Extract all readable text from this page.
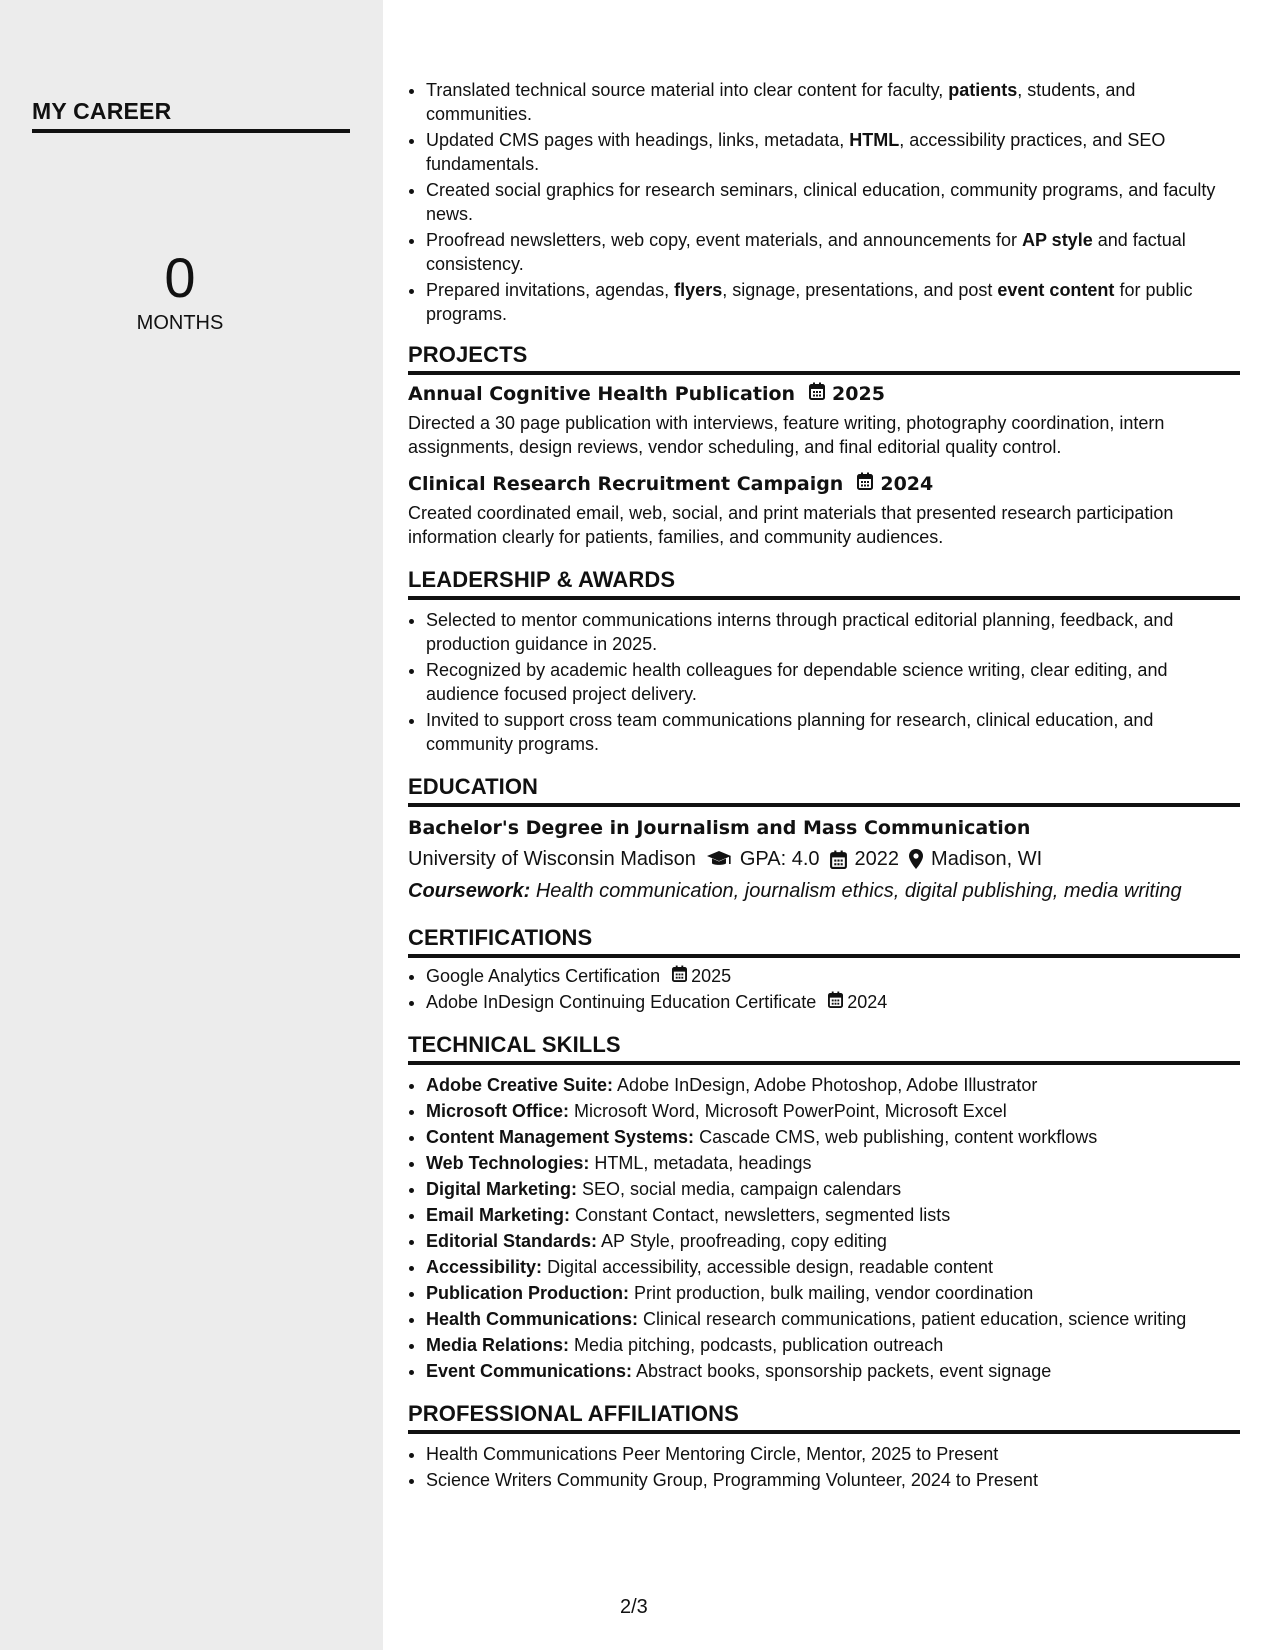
MY CAREER
0
MONTHS
• Translated technical source material into clear content for faculty, patients, students, and communities.
• Updated CMS pages with headings, links, metadata, HTML, accessibility practices, and SEO fundamentals.
• Created social graphics for research seminars, clinical education, community programs, and faculty news.
• Proofread newsletters, web copy, event materials, and announcements for AP style and factual consistency.
• Prepared invitations, agendas, flyers, signage, presentations, and post event content for public programs.
PROJECTS
Annual Cognitive Health Publication 2025
Directed a 30 page publication with interviews, feature writing, photography coordination, intern assignments, design reviews, vendor scheduling, and final editorial quality control.
Clinical Research Recruitment Campaign 2024
Created coordinated email, web, social, and print materials that presented research participation information clearly for patients, families, and community audiences.
LEADERSHIP & AWARDS
• Selected to mentor communications interns through practical editorial planning, feedback, and production guidance in 2025.
• Recognized by academic health colleagues for dependable science writing, clear editing, and audience focused project delivery.
• Invited to support cross team communications planning for research, clinical education, and community programs.
EDUCATION
Bachelor's Degree in Journalism and Mass Communication
University of Wisconsin Madison GPA: 4.0 2022 Madison, WI
Coursework: Health communication, journalism ethics, digital publishing, media writing
CERTIFICATIONS
• Google Analytics Certification 2025
• Adobe InDesign Continuing Education Certificate 2024
TECHNICAL SKILLS
• Adobe Creative Suite: Adobe InDesign, Adobe Photoshop, Adobe Illustrator
• Microsoft Office: Microsoft Word, Microsoft PowerPoint, Microsoft Excel
• Content Management Systems: Cascade CMS, web publishing, content workflows
• Web Technologies: HTML, metadata, headings
• Digital Marketing: SEO, social media, campaign calendars
• Email Marketing: Constant Contact, newsletters, segmented lists
• Editorial Standards: AP Style, proofreading, copy editing
• Accessibility: Digital accessibility, accessible design, readable content
• Publication Production: Print production, bulk mailing, vendor coordination
• Health Communications: Clinical research communications, patient education, science writing
• Media Relations: Media pitching, podcasts, publication outreach
• Event Communications: Abstract books, sponsorship packets, event signage
PROFESSIONAL AFFILIATIONS
• Health Communications Peer Mentoring Circle, Mentor, 2025 to Present
• Science Writers Community Group, Programming Volunteer, 2024 to Present
2/3
